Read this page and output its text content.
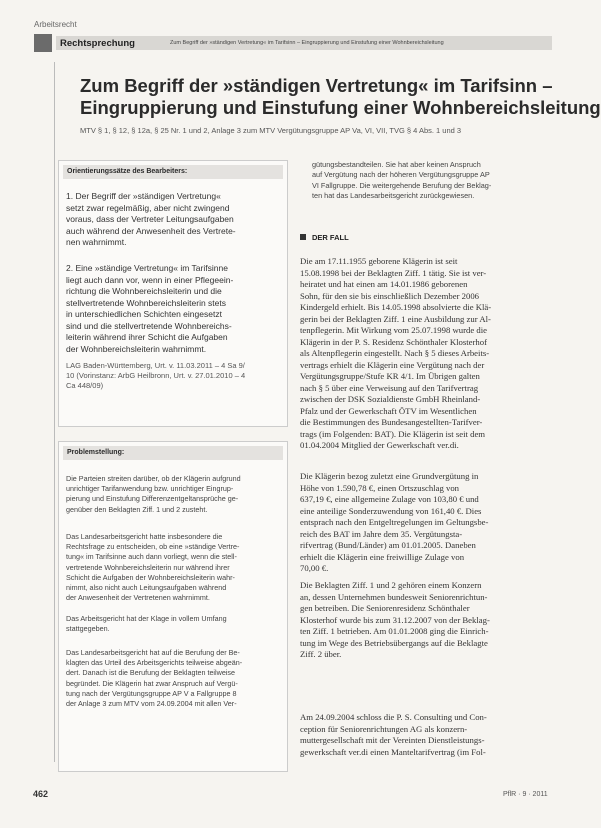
Arbeitsrecht
Rechtsprechung	Zum Begriff der »ständigen Vertretung« im Tarifsinn – Eingruppierung und Einstufung einer Wohnbereichsleitung
Zum Begriff der »ständigen Vertretung« im Tarifsinn –
Eingruppierung und Einstufung einer Wohnbereichsleitung
MTV § 1, § 12, § 12a, § 25 Nr. 1 und 2, Anlage 3 zum MTV Vergütungsgruppe AP Va, VI, VII, TVG § 4 Abs. 1 und 3
Orientierungssätze des Bearbeiters:
1. Der Begriff der »ständigen Vertretung«
setzt zwar regelmäßig, aber nicht zwingend
voraus, dass der Vertreter Leitungsaufgaben
auch während der Anwesenheit des Vertrete-
nen wahrnimmt.
2. Eine »ständige Vertretung« im Tarifsinne
liegt auch dann vor, wenn in einer Pflegeein-
richtung die Wohnbereichsleiterin und die
stellvertretende Wohnbereichsleiterin stets
in unterschiedlichen Schichten eingesetzt
sind und die stellvertretende Wohnbereichs-
leiterin während ihrer Schicht die Aufgaben
der Wohnbereichsleiterin wahrnimmt.
LAG Baden-Württemberg, Urt. v. 11.03.2011 – 4 Sa 9/
10 (Vorinstanz: ArbG Heilbronn, Urt. v. 27.01.2010 – 4
Ca 448/09)
Problemstellung:
Die Parteien streiten darüber, ob der Klägerin aufgrund
unrichtiger Tarifanwendung bzw. unrichtiger Eingrup-
pierung und Einstufung Differenzentgeltansprüche ge-
genüber den Beklagten Ziff. 1 und 2 zusteht.
Das Landesarbeitsgericht hatte insbesondere die
Rechtsfrage zu entscheiden, ob eine »ständige Vertre-
tung« im Tarifsinne auch dann vorliegt, wenn die stell-
vertretende Wohnbereichsleiterin nur während ihrer
Schicht die Aufgaben der Wohnbereichsleiterin wahr-
nimmt, also nicht auch Leitungsaufgaben während
der Anwesenheit der Vertretenen wahrnimmt.
Das Arbeitsgericht hat der Klage in vollem Umfang
stattgegeben.
Das Landesarbeitsgericht hat auf die Berufung der Be-
klagten das Urteil des Arbeitsgerichts teilweise abgeän-
dert. Danach ist die Berufung der Beklagten teilweise
begründet. Die Klägerin hat zwar Anspruch auf Vergü-
tung nach der Vergütungsgruppe AP V a Fallgruppe 8
der Anlage 3 zum MTV vom 24.09.2004 mit allen Ver-
gütungsbestandteilen. Sie hat aber keinen Anspruch
auf Vergütung nach der höheren Vergütungsgruppe AP
VI Fallgruppe. Die weitergehende Berufung der Beklag-
ten hat das Landesarbeitsgericht zurückgewiesen.
DER FALL
Die am 17.11.1955 geborene Klägerin ist seit
15.08.1998 bei der Beklagten Ziff. 1 tätig. Sie ist ver-
heiratet und hat einen am 14.01.1986 geborenen
Sohn, für den sie bis einschließlich Dezember 2006
Kindergeld erhielt. Bis 14.05.1998 absolvierte die Klä-
gerin bei der Beklagten Ziff. 1 eine Ausbildung zur Al-
tenpflegerin. Mit Wirkung vom 25.07.1998 wurde die
Klägerin in der P. S. Residenz Schönthaler Klosterhof
als Altenpflegerin eingestellt. Nach § 5 dieses Arbeits-
vertrags erhielt die Klägerin eine Vergütung nach der
Vergütungsgruppe/Stufe KR 4/1. Im Übrigen galten
nach § 5 über eine Verweisung auf den Tarifvertrag
zwischen der DSK Sozialdienste GmbH Rheinland-
Pfalz und der Gewerkschaft ÖTV im Wesentlichen
die Bestimmungen des Bundesangestellten-Tarifver-
trags (im Folgenden: BAT). Die Klägerin ist seit dem
01.04.2004 Mitglied der Gewerkschaft ver.di.
Die Klägerin bezog zuletzt eine Grundvergütung in
Höhe von 1.590,78 €, einen Ortszuschlag von
637,19 €, eine allgemeine Zulage von 103,80 € und
eine anteilige Sonderzuwendung von 161,40 €. Dies
entsprach nach den Entgeltregelungen im Geltungsbe-
reich des BAT im Jahre dem 35. Vergütungsta-
rifvertrag (Bund/Länder) am 01.01.2005. Daneben
erhielt die Klägerin eine freiwillige Zulage von
70,00 €.
Die Beklagten Ziff. 1 und 2 gehören einem Konzern
an, dessen Unternehmen bundesweit Seniorenrichtun-
gen betreiben. Die Seniorenresidenz Schönthaler
Klosterhof wurde bis zum 31.12.2007 von der Beklag-
ten Ziff. 1 betrieben. Am 01.01.2008 ging die Einrich-
tung im Wege des Betriebsübergangs auf die Beklagte
Ziff. 2 über.
Am 24.09.2004 schloss die P. S. Consulting und Con-
ception für Seniorenrichtungen AG als konzern-
muttergesellschaft mit der Vereinten Dienstleistungs-
gewerkschaft ver.di einen Manteltarifvertrag (im Fol-
462	PflR · 9 · 2011
